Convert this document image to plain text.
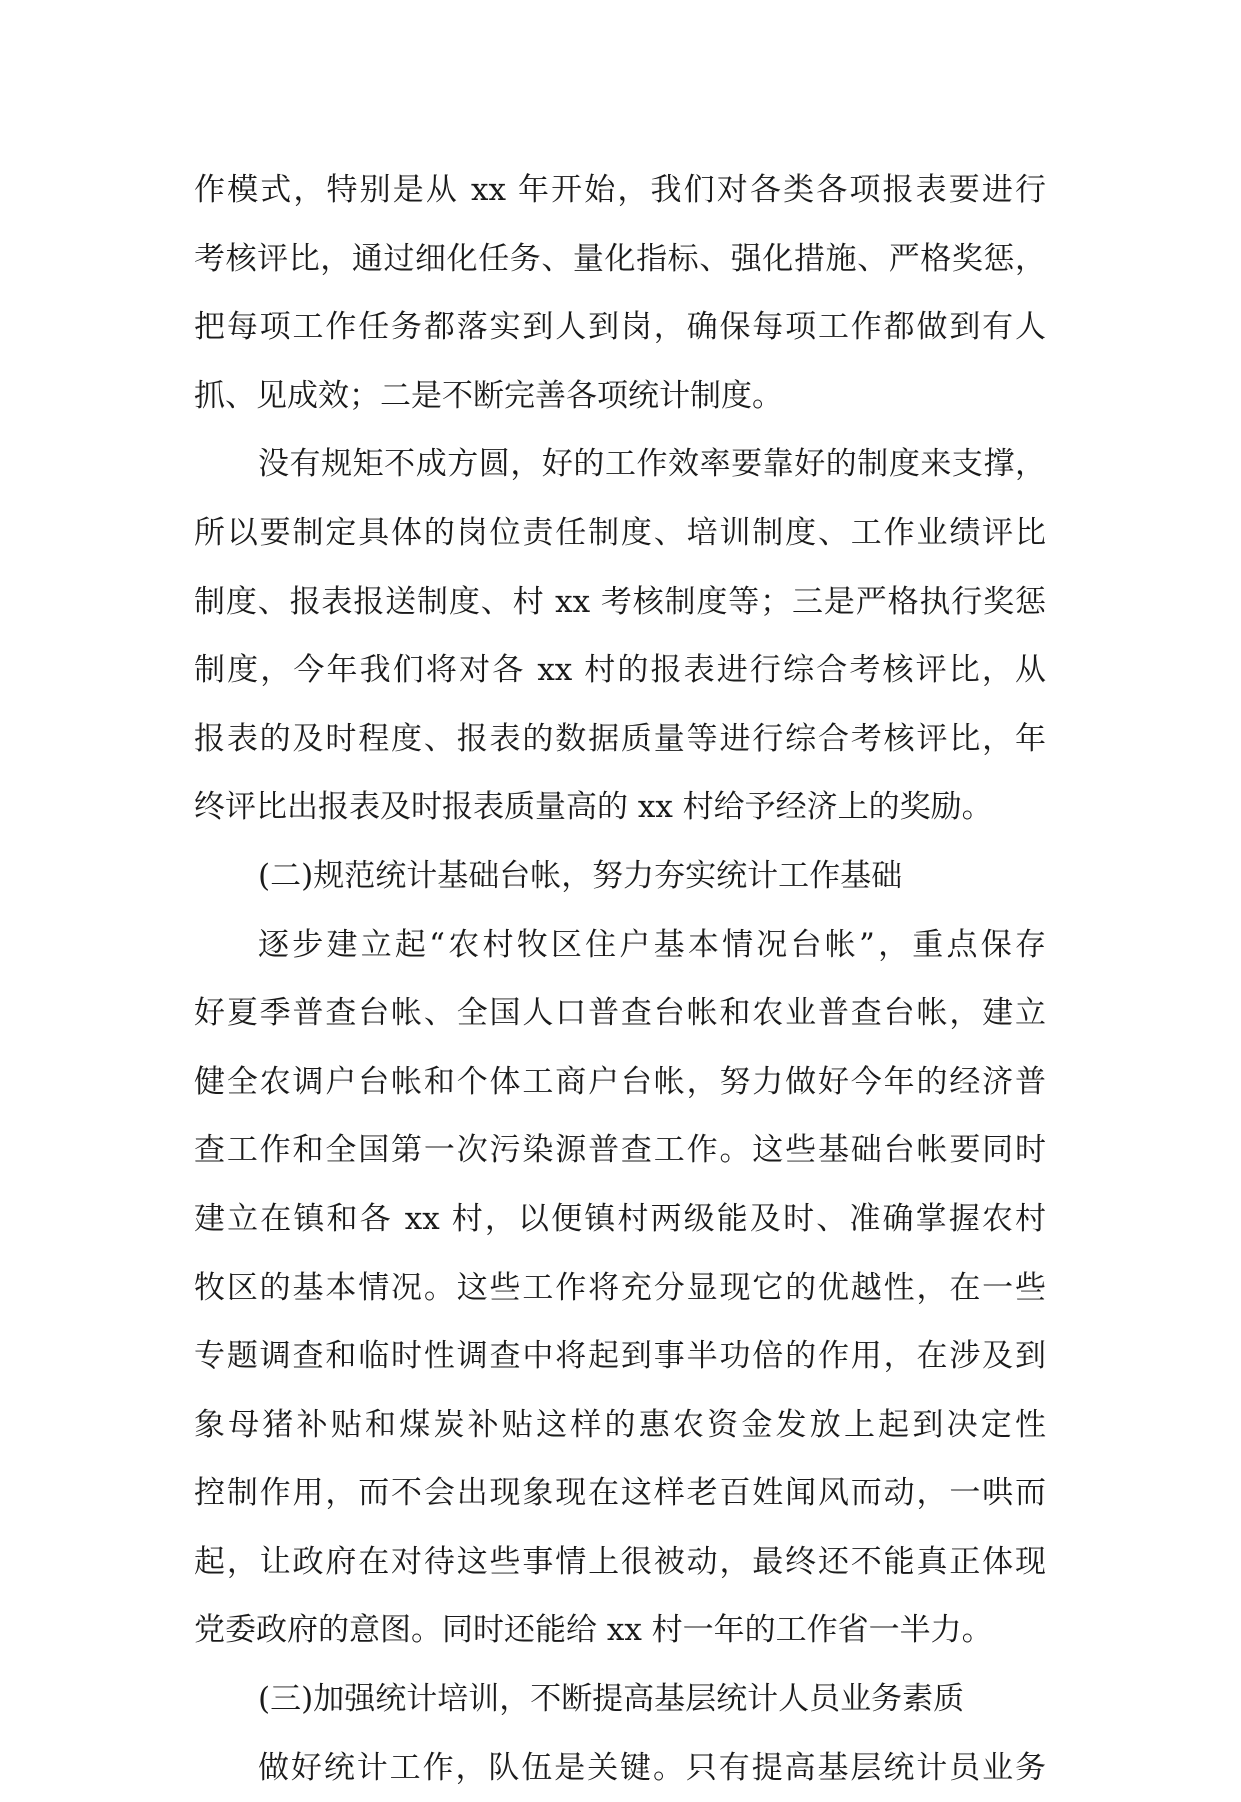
作模式，特别是从 xx 年开始，我们对各类各项报表要进行
考核评比，通过细化任务、量化指标、强化措施、严格奖惩，
把每项工作任务都落实到人到岗，确保每项工作都做到有人
抓、见成效；二是不断完善各项统计制度。
没有规矩不成方圆，好的工作效率要靠好的制度来支撑，
所以要制定具体的岗位责任制度、培训制度、工作业绩评比
制度、报表报送制度、村 xx 考核制度等；三是严格执行奖惩
制度，今年我们将对各 xx 村的报表进行综合考核评比，从
报表的及时程度、报表的数据质量等进行综合考核评比，年
终评比出报表及时报表质量高的 xx 村给予经济上的奖励。
(二)规范统计基础台帐，努力夯实统计工作基础
逐步建立起“农村牧区住户基本情况台帐”，重点保存
好夏季普查台帐、全国人口普查台帐和农业普查台帐，建立
健全农调户台帐和个体工商户台帐，努力做好今年的经济普
查工作和全国第一次污染源普查工作。这些基础台帐要同时
建立在镇和各 xx 村，以便镇村两级能及时、准确掌握农村
牧区的基本情况。这些工作将充分显现它的优越性，在一些
专题调查和临时性调查中将起到事半功倍的作用，在涉及到
象母猪补贴和煤炭补贴这样的惠农资金发放上起到决定性
控制作用，而不会出现象现在这样老百姓闻风而动，一哄而
起，让政府在对待这些事情上很被动，最终还不能真正体现
党委政府的意图。同时还能给 xx 村一年的工作省一半力。
(三)加强统计培训，不断提高基层统计人员业务素质
做好统计工作，队伍是关键。只有提高基层统计员业务
